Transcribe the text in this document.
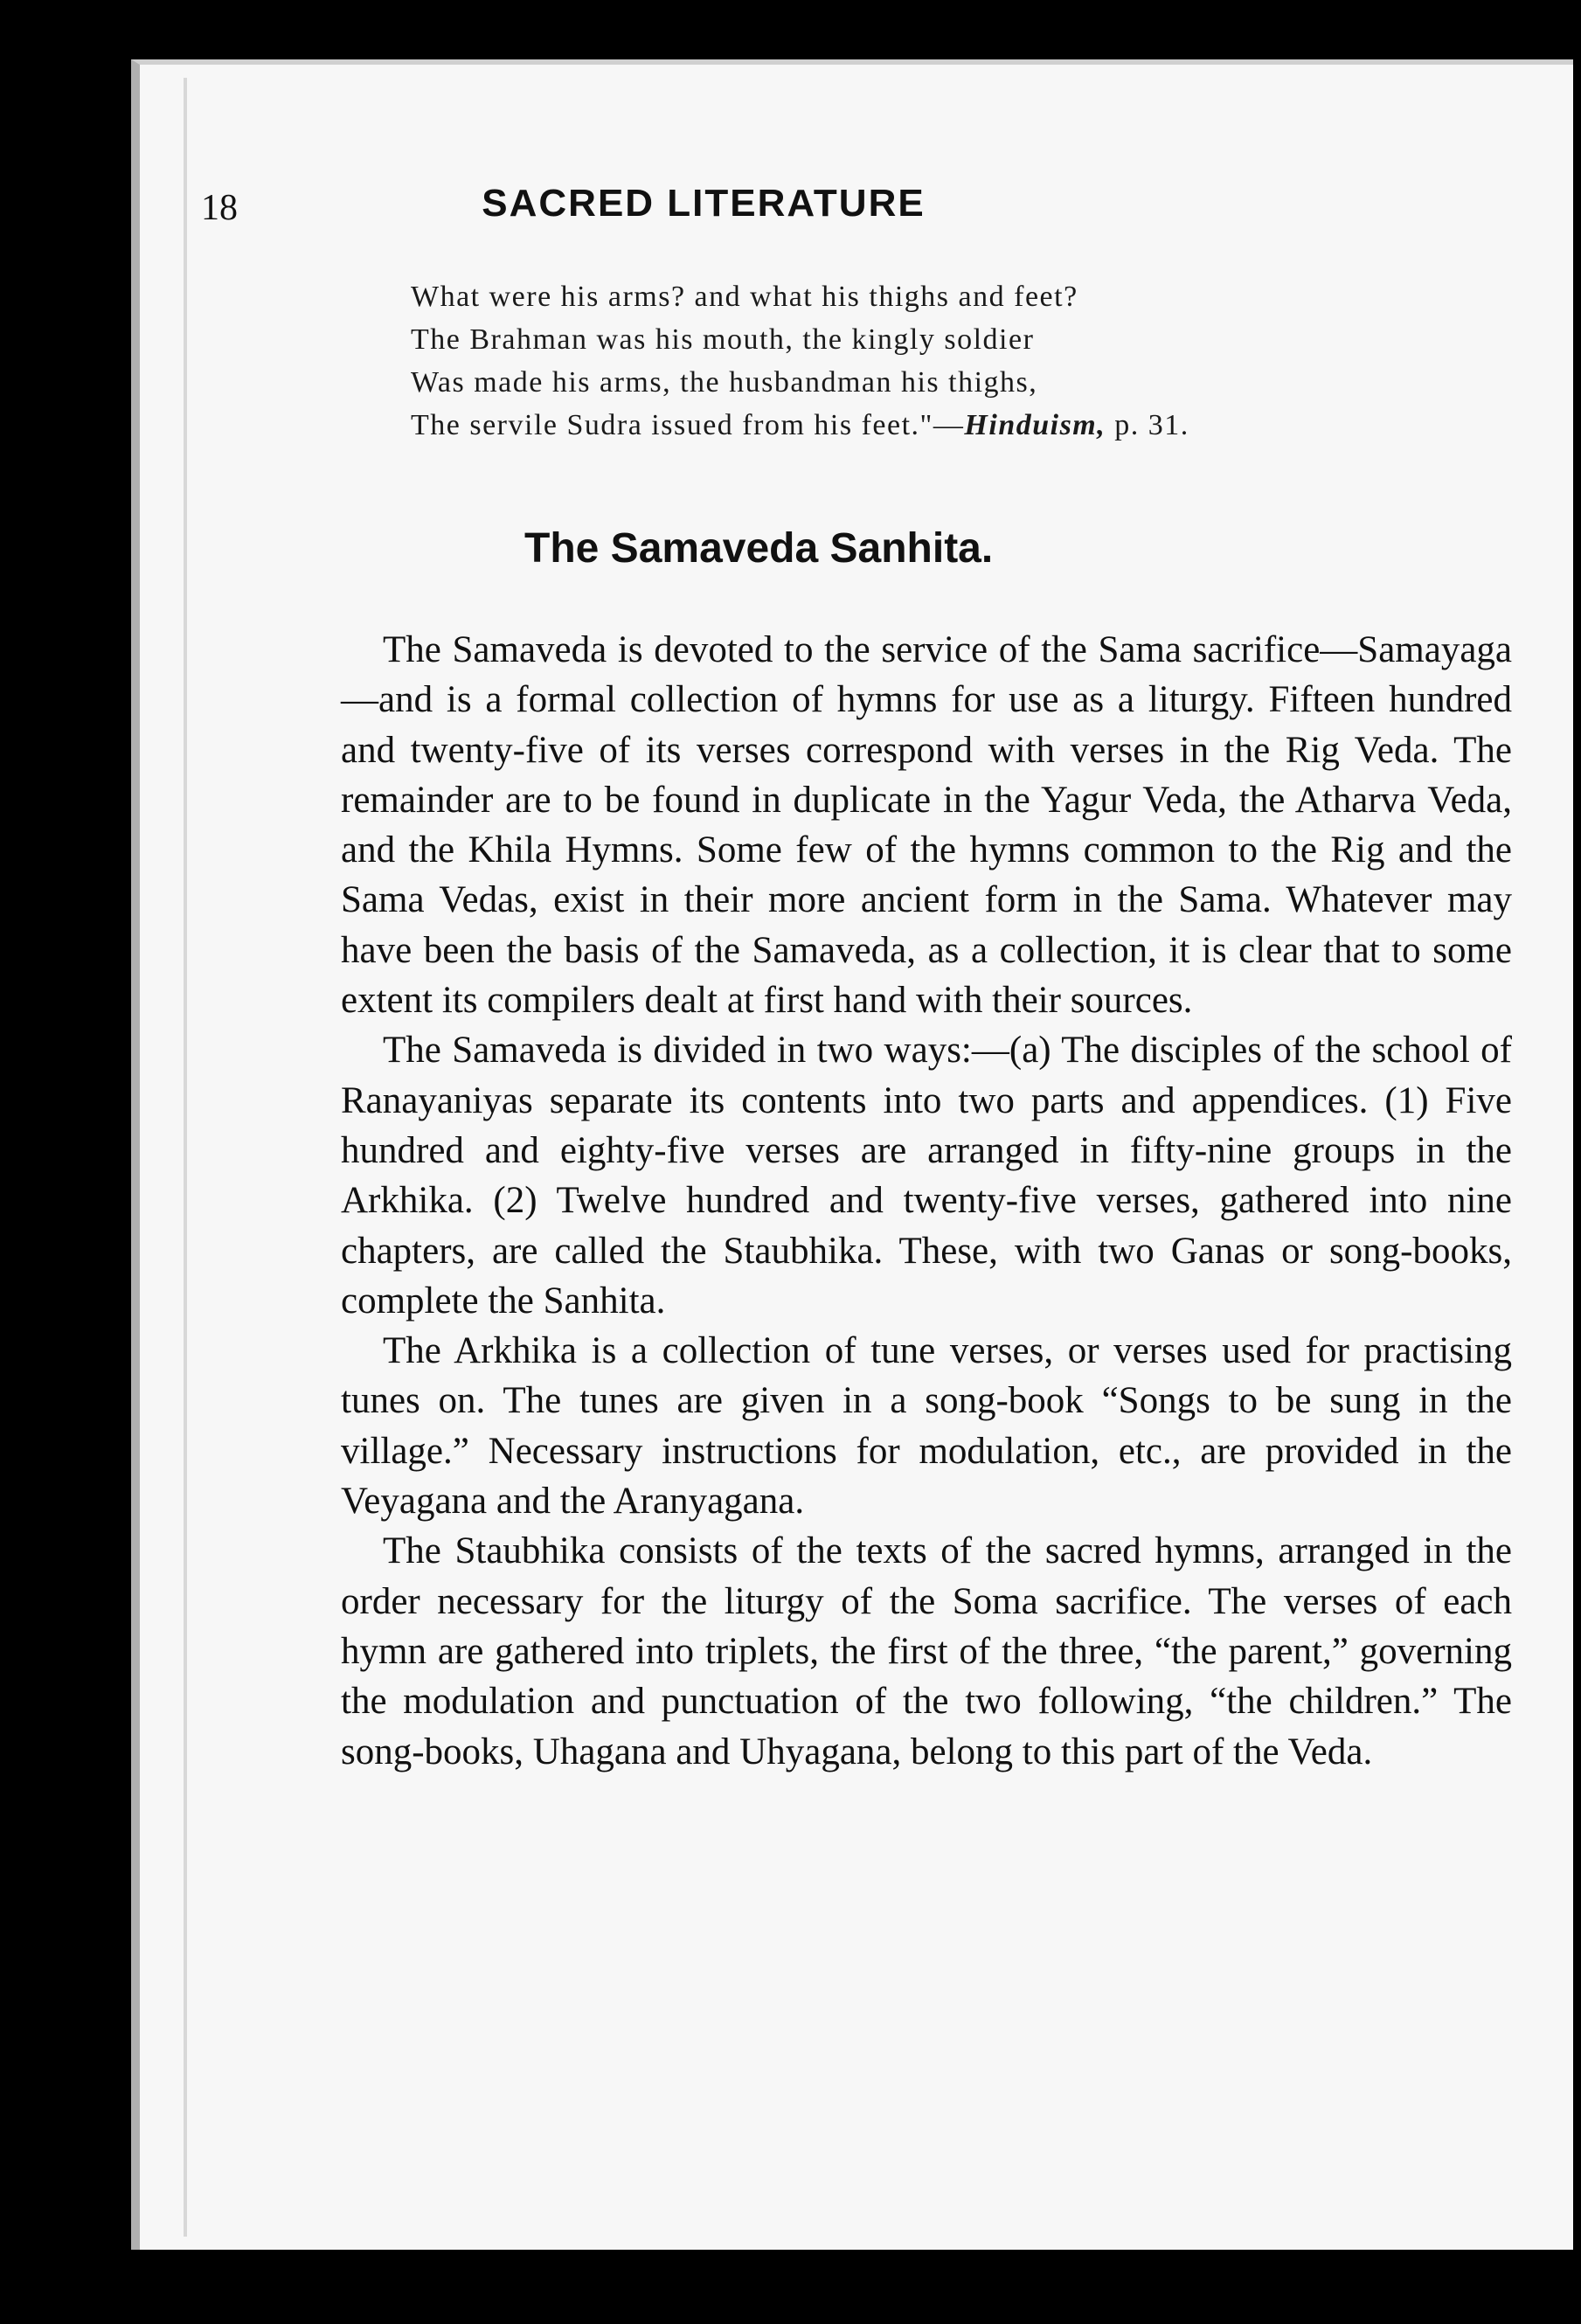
18	SACRED LITERATURE
What were his arms? and what his thighs and feet?
The Brahman was his mouth, the kingly soldier
Was made his arms, the husbandman his thighs,
The servile Sudra issued from his feet."—Hinduism, p. 31.
The Samaveda Sanhita.

The Samaveda is devoted to the service of the Sama sacrifice—Samayaga—and is a formal collection of hymns for use as a liturgy. Fifteen hundred and twenty-five of its verses correspond with verses in the Rig Veda. The remainder are to be found in duplicate in the Yagur Veda, the Atharva Veda, and the Khila Hymns. Some few of the hymns common to the Rig and the Sama Vedas, exist in their more ancient form in the Sama. Whatever may have been the basis of the Samaveda, as a collection, it is clear that to some extent its compilers dealt at first hand with their sources.

The Samaveda is divided in two ways:—(a) The disciples of the school of Ranayaniyas separate its contents into two parts and appendices. (1) Five hundred and eighty-five verses are arranged in fifty-nine groups in the Arkhika. (2) Twelve hundred and twenty-five verses, gathered into nine chapters, are called the Staubhika. These, with two Ganas or song-books, complete the Sanhita.

The Arkhika is a collection of tune verses, or verses used for practising tunes on. The tunes are given in a song-book “Songs to be sung in the village.” Necessary instructions for modulation, etc., are provided in the Veyagana and the Aranyagana.

The Staubhika consists of the texts of the sacred hymns, arranged in the order necessary for the liturgy of the Soma sacrifice. The verses of each hymn are gathered into triplets, the first of the three, “the parent,” governing the modulation and punctuation of the two following, “the children.” The song-books, Uhagana and Uhyagana, belong to this part of the Veda.
